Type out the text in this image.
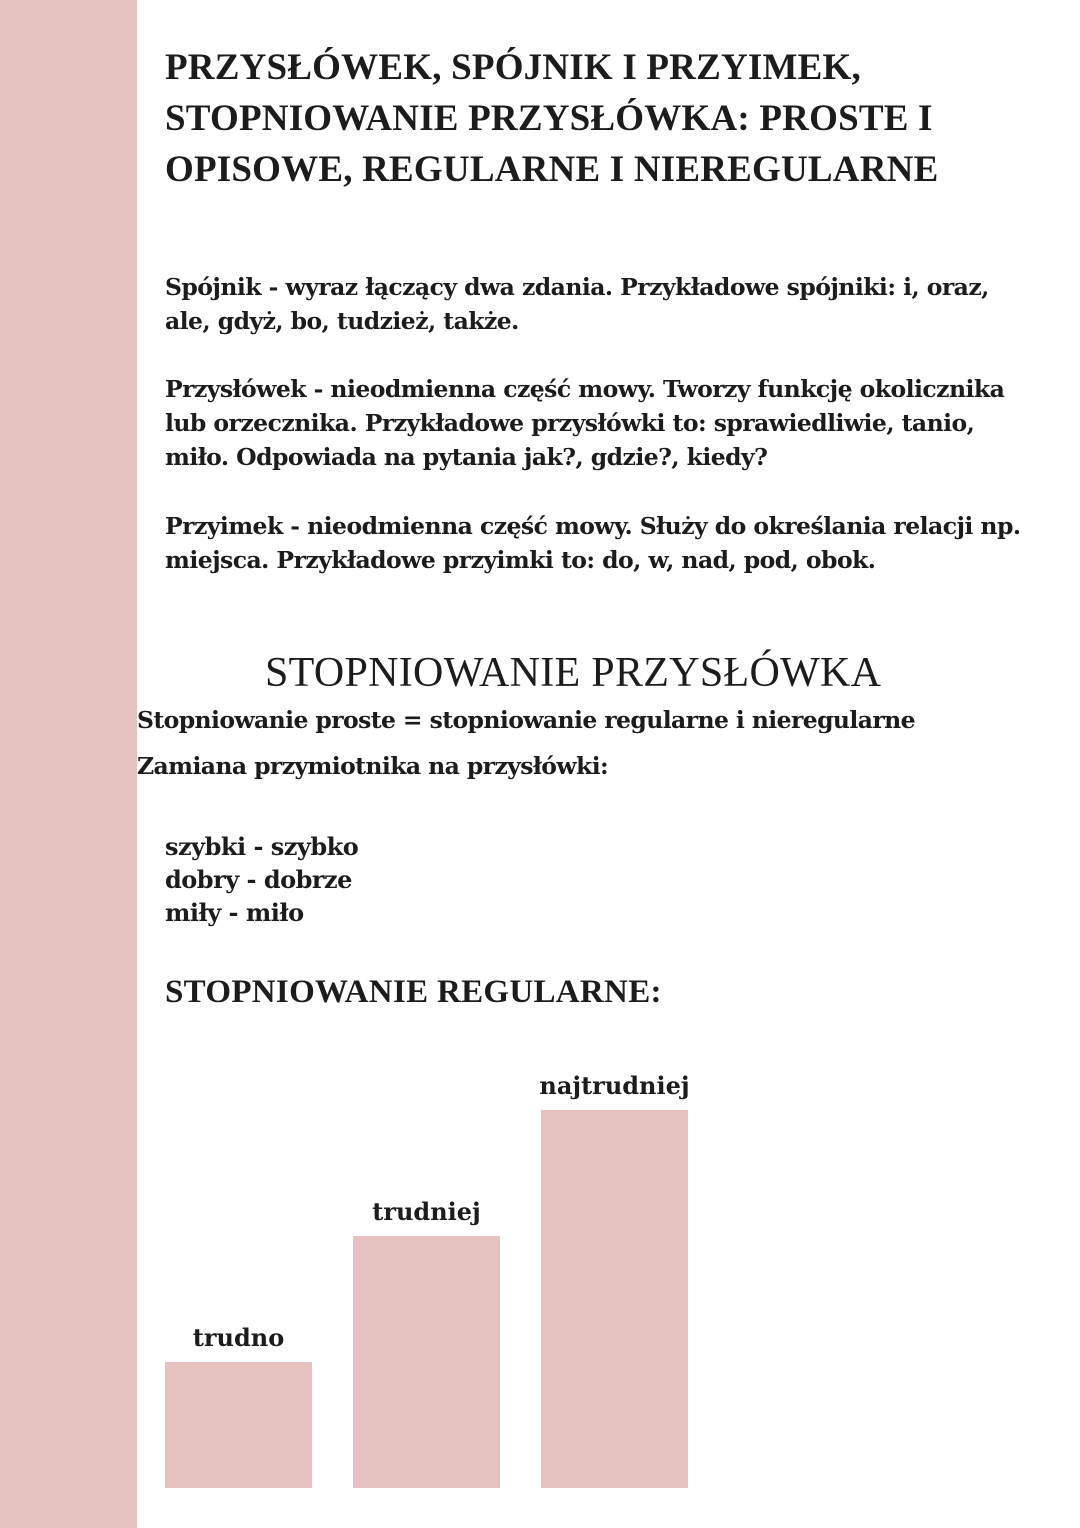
PRZYSŁÓWEK, SPÓJNIK I PRZYIMEK, STOPNIOWANIE PRZYSŁÓWKA: PROSTE I OPISOWE, REGULARNE I NIEREGULARNE

Spójnik - wyraz łączący dwa zdania. Przykładowe spójniki: i, oraz,
ale, gdyż, bo, tudzież, także.

Przysłówek - nieodmienna część mowy. Tworzy funkcję okolicznika
lub orzecznika. Przykładowe przysłówki to: sprawiedliwie, tanio,
miło. Odpowiada na pytania jak?, gdzie?, kiedy?

Przyimek - nieodmienna część mowy. Służy do określania relacji np.
miejsca. Przykładowe przyimki to: do, w, nad, pod, obok.

STOPNIOWANIE PRZYSŁÓWKA

Stopniowanie proste = stopniowanie regularne i nieregularne

Zamiana przymiotnika na przysłówki:

szybki - szybko
dobry - dobrze
miły - miło
STOPNIOWANIE REGULARNE:
trudno
trudniej
najtrudniej
